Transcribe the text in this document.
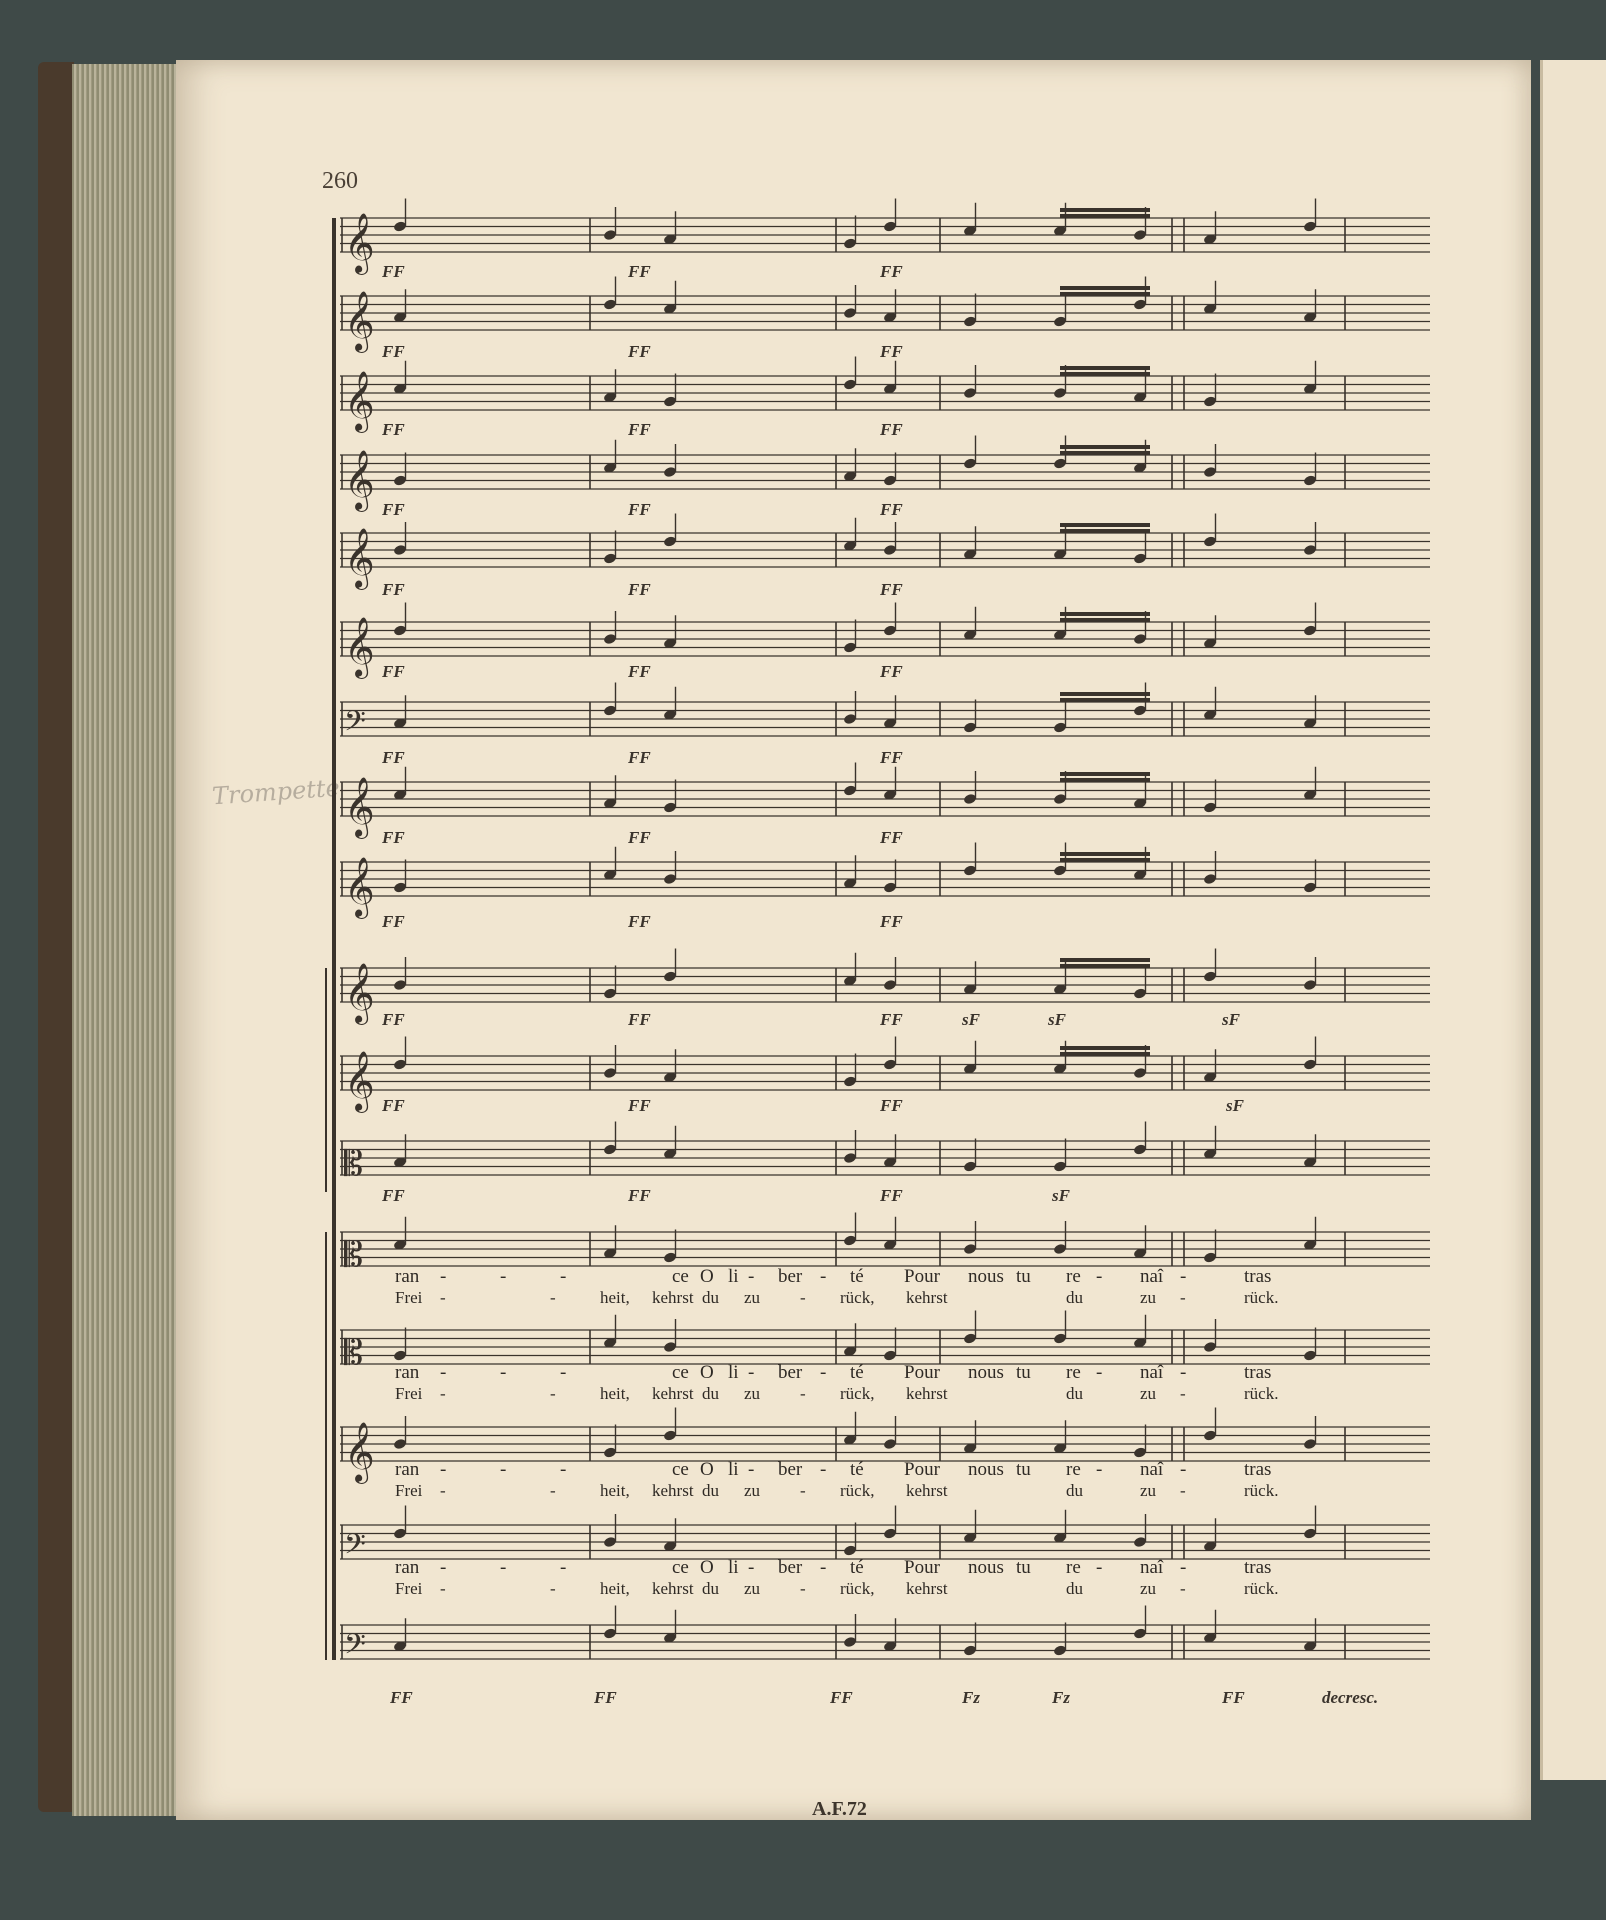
260
Trompette
𝄞
𝄞
𝄞
𝄞
𝄞
𝄞
𝄢
𝄞
𝄞
𝄞
𝄞
𝄡
𝄡
𝄡
𝄞
𝄢
𝄢
FF	FF	FF
FF	FF	FF
FF	FF	FF
FF	FF	FF
FF	FF	FF
FF	FF	FF
FF	FF	FF
FF	FF	FF
FF	FF	FF
FF	FF	FF
FF	FF	FF
FF	FF	FF
sF	sF	sF
sF
sF
FF	FF	FF	Fz	Fz	FF	decresc.
ran -	-	-	ce O li - ber - té Pour nous tu re - naî -	tras
Frei -	-	heit, kehrst du zu - rück, kehrst	du	zu -	rück.
ran -	-	-	ce O li - ber - té Pour nous tu re - naî -	tras
Frei -	-	heit, kehrst du zu - rück, kehrst	du	zu -	rück.
ran -	-	-	ce O li - ber - té Pour nous tu re - naî -	tras
Frei -	-	heit, kehrst du zu - rück, kehrst	du	zu -	rück.
ran -	-	-	ce O li - ber - té Pour nous tu re - naî -	tras
Frei -	-	heit, kehrst du zu - rück, kehrst	du	zu -	rück.
A.F.72
